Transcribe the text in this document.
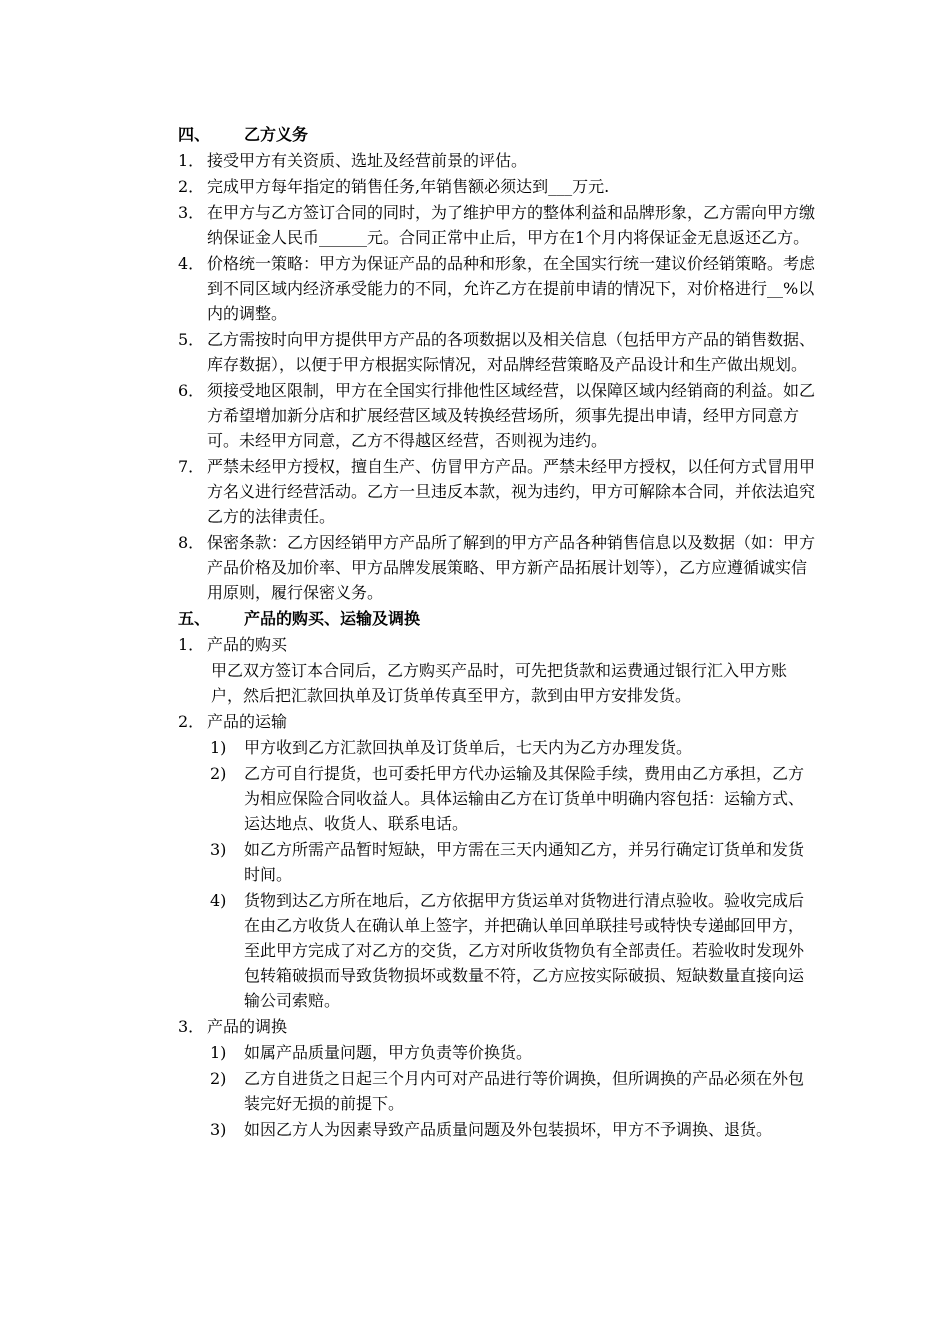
四、 乙方义务
1． 接受甲方有关资质、选址及经营前景的评估。
2． 完成甲方每年指定的销售任务,年销售额必须达到___万元.
3． 在甲方与乙方签订合同的同时，为了维护甲方的整体利益和品牌形象，乙方需向甲方缴纳保证金人民币______元。合同正常中止后，甲方在1个月内将保证金无息返还乙方。
4． 价格统一策略：甲方为保证产品的品种和形象，在全国实行统一建议价经销策略。考虑到不同区域内经济承受能力的不同，允许乙方在提前申请的情况下，对价格进行__%以内的调整。
5． 乙方需按时向甲方提供甲方产品的各项数据以及相关信息（包括甲方产品的销售数据、库存数据），以便于甲方根据实际情况，对品牌经营策略及产品设计和生产做出规划。
6． 须接受地区限制，甲方在全国实行排他性区域经营，以保障区域内经销商的利益。如乙方希望增加新分店和扩展经营区域及转换经营场所，须事先提出申请，经甲方同意方可。未经甲方同意，乙方不得越区经营，否则视为违约。
7． 严禁未经甲方授权，擅自生产、仿冒甲方产品。严禁未经甲方授权，以任何方式冒用甲方名义进行经营活动。乙方一旦违反本款，视为违约，甲方可解除本合同，并依法追究乙方的法律责任。
8． 保密条款：乙方因经销甲方产品所了解到的甲方产品各种销售信息以及数据（如：甲方产品价格及加价率、甲方品牌发展策略、甲方新产品拓展计划等），乙方应遵循诚实信用原则，履行保密义务。
五、 产品的购买、运输及调换
1． 产品的购买
甲乙双方签订本合同后，乙方购买产品时，可先把货款和运费通过银行汇入甲方账户，然后把汇款回执单及订货单传真至甲方，款到由甲方安排发货。
2． 产品的运输
1) 甲方收到乙方汇款回执单及订货单后，七天内为乙方办理发货。
2) 乙方可自行提货，也可委托甲方代办运输及其保险手续，费用由乙方承担，乙方为相应保险合同收益人。具体运输由乙方在订货单中明确内容包括：运输方式、运达地点、收货人、联系电话。
3) 如乙方所需产品暂时短缺，甲方需在三天内通知乙方，并另行确定订货单和发货时间。
4) 货物到达乙方所在地后，乙方依据甲方货运单对货物进行清点验收。验收完成后在由乙方收货人在确认单上签字，并把确认单回单联挂号或特快专递邮回甲方，至此甲方完成了对乙方的交货，乙方对所收货物负有全部责任。若验收时发现外包转箱破损而导致货物损坏或数量不符，乙方应按实际破损、短缺数量直接向运输公司索赔。
3． 产品的调换
1) 如属产品质量问题，甲方负责等价换货。
2) 乙方自进货之日起三个月内可对产品进行等价调换，但所调换的产品必须在外包装完好无损的前提下。
3) 如因乙方人为因素导致产品质量问题及外包装损坏，甲方不予调换、退货。
